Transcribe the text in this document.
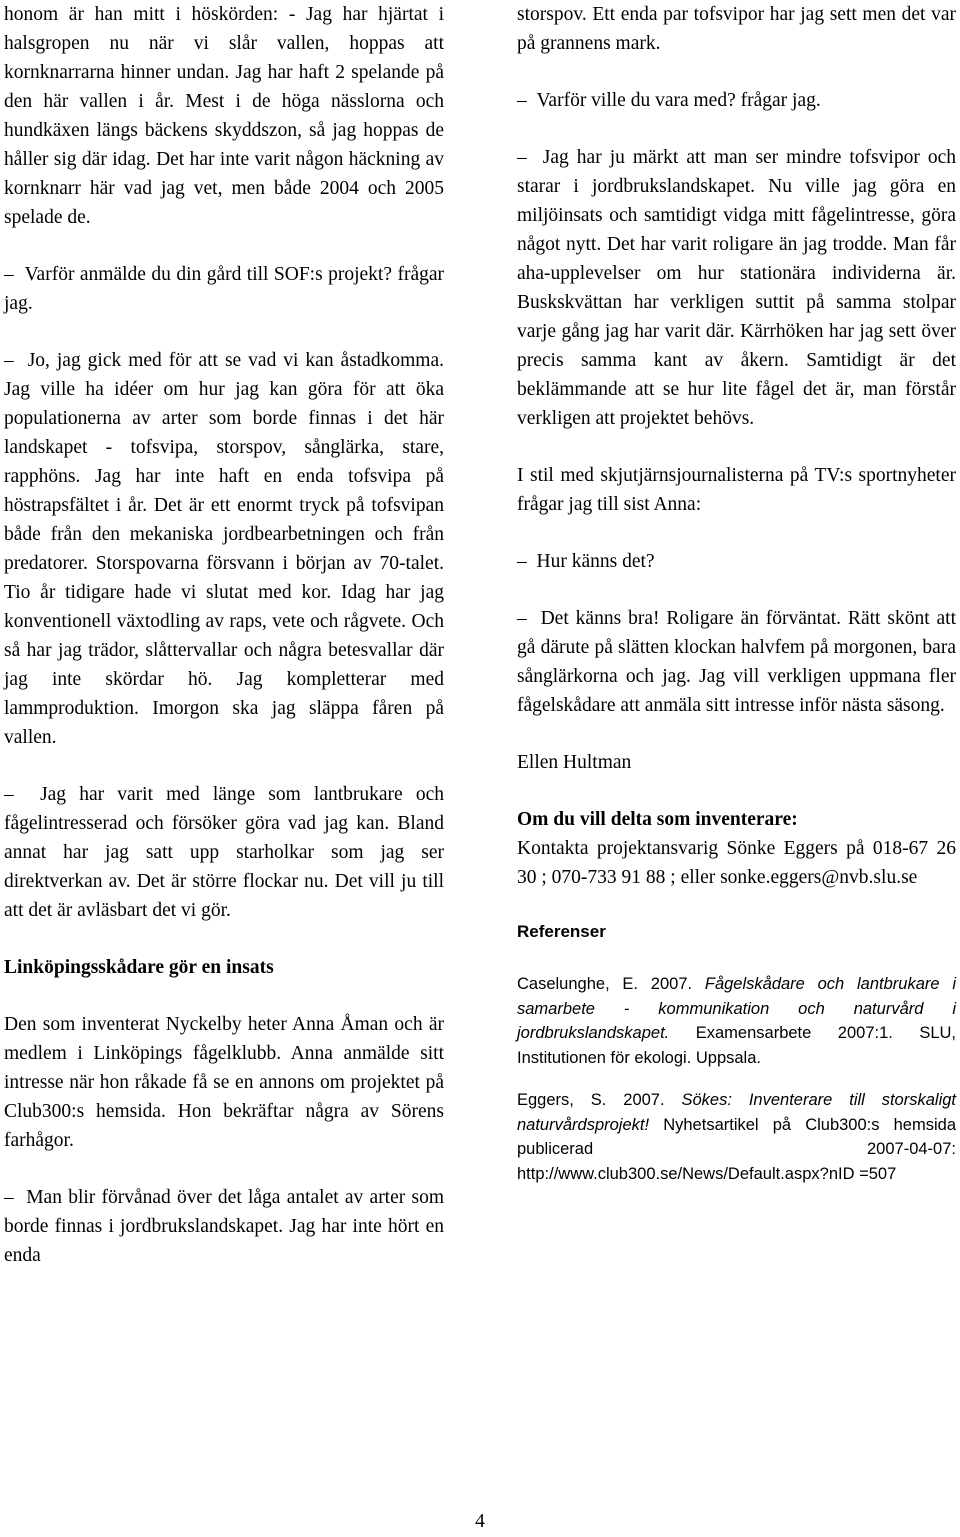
honom är han mitt i höskörden: - Jag har hjärtat i halsgropen nu när vi slår vallen, hoppas att kornknarrarna hinner undan. Jag har haft 2 spelande på den här vallen i år. Mest i de höga nässlorna och hundkäxen längs bäckens skyddszon, så jag hoppas de håller sig där idag. Det har inte varit någon häckning av kornknarr här vad jag vet, men både 2004 och 2005 spelade de.

–  Varför anmälde du din gård till SOF:s projekt? frågar jag.

–  Jo, jag gick med för att se vad vi kan åstadkomma. Jag ville ha idéer om hur jag kan göra för att öka populationerna av arter som borde finnas i det här landskapet - tofsvipa, storspov, sånglärka, stare, rapphöns. Jag har inte haft en enda tofsvipa på höstrapsfältet i år. Det är ett enormt tryck på tofsvipan både från den mekaniska jordbearbetningen och från predatorer. Storspovarna försvann i början av 70-talet. Tio år tidigare hade vi slutat med kor. Idag har jag konventionell växtodling av raps, vete och rågvete. Och så har jag trädor, slåttervallar och några betesvallar där jag inte skördar hö. Jag kompletterar med lammproduktion. Imorgon ska jag släppa fåren på vallen.

–  Jag har varit med länge som lantbrukare och fågelintresserad och försöker göra vad jag kan. Bland annat har jag satt upp starholkar som jag ser direktverkan av. Det är större flockar nu. Det vill ju till att det är avläsbart det vi gör.

Linköpingsskådare gör en insats

Den som inventerat Nyckelby heter Anna Åman och är medlem i Linköpings fågelklubb. Anna anmälde sitt intresse när hon råkade få se en annons om projektet på Club300:s hemsida. Hon bekräftar några av Sörens farhågor.

–  Man blir förvånad över det låga antalet av arter som borde finnas i jordbrukslandskapet. Jag har inte hört en enda

storspov. Ett enda par tofsvipor har jag sett men det var på grannens mark.

–  Varför ville du vara med? frågar jag.

–  Jag har ju märkt att man ser mindre tofsvipor och starar i jordbrukslandskapet. Nu ville jag göra en miljöinsats och samtidigt vidga mitt fågelintresse, göra något nytt. Det har varit roligare än jag trodde. Man får aha-upplevelser om hur stationära individerna är. Buskskvättan har verkligen suttit på samma stolpar varje gång jag har varit där. Kärrhöken har jag sett över precis samma kant av åkern. Samtidigt är det beklämmande att se hur lite fågel det är, man förstår verkligen att projektet behövs.

I stil med skjutjärnsjournalisterna på TV:s sportnyheter frågar jag till sist Anna:

–  Hur känns det?

–  Det känns bra! Roligare än förväntat. Rätt skönt att gå därute på slätten klockan halvfem på morgonen, bara sånglärkorna och jag. Jag vill verkligen uppmana fler fågelskådare att anmäla sitt intresse inför nästa säsong.

Ellen Hultman

Om du vill delta som inventerare:

Kontakta projektansvarig Sönke Eggers på 018-67 26 30 ; 070-733 91 88 ; eller sonke.eggers@nvb.slu.se

Referenser

Caselunghe, E. 2007. Fågelskådare och lantbrukare i samarbete - kommunikation och naturvård i jordbrukslandskapet. Examensarbete 2007:1. SLU, Institutionen för ekologi. Uppsala.

Eggers, S. 2007. Sökes: Inventerare till storskaligt naturvårdsprojekt! Nyhetsartikel på Club300:s hemsida publicerad 2007-04-07: http://www.club300.se/News/Default.aspx?nID =507

4
